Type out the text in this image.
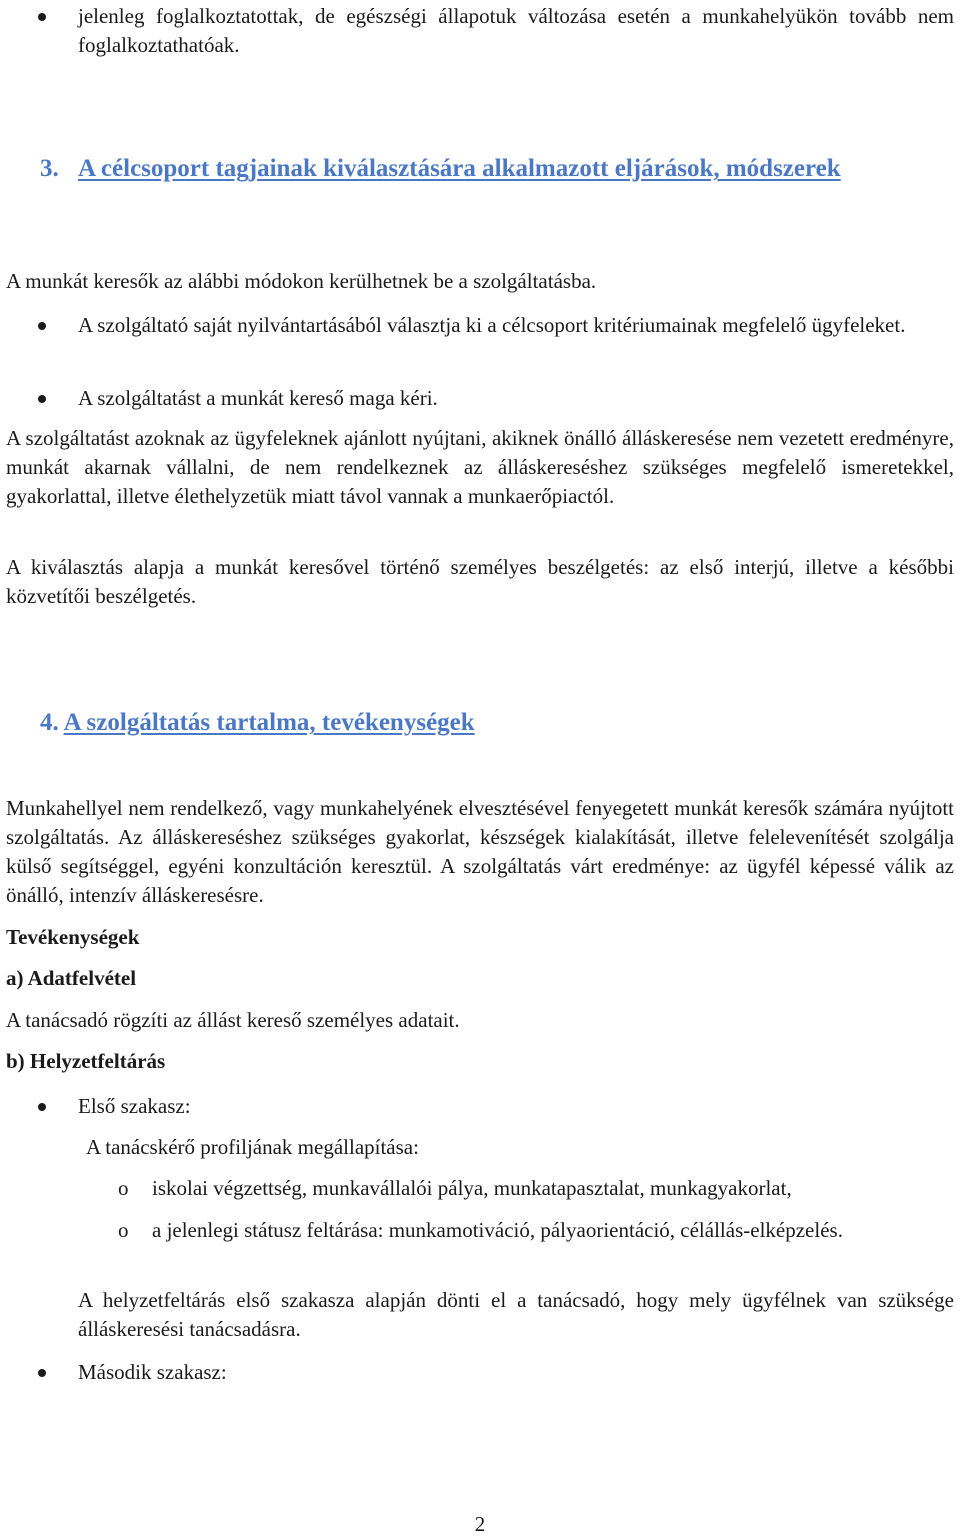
jelenleg foglalkoztatottak, de egészségi állapotuk változása esetén a munkahelyükön tovább nem foglalkoztathatóak.

3. A célcsoport tagjainak kiválasztására alkalmazott eljárások, módszerek

A munkát keresők az alábbi módokon kerülhetnek be a szolgáltatásba.

A szolgáltató saját nyilvántartásából választja ki a célcsoport kritériumainak megfelelő ügyfeleket.

A szolgáltatást a munkát kereső maga kéri.

A szolgáltatást azoknak az ügyfeleknek ajánlott nyújtani, akiknek önálló álláskeresése nem vezetett eredményre, munkát akarnak vállalni, de nem rendelkeznek az álláskereséshez szükséges megfelelő ismeretekkel, gyakorlattal, illetve élethelyzetük miatt távol vannak a munkaerőpiactól.

A kiválasztás alapja a munkát keresővel történő személyes beszélgetés: az első interjú, illetve a későbbi közvetítői beszélgetés.

4. A szolgáltatás tartalma, tevékenységek

Munkahellyel nem rendelkező, vagy munkahelyének elvesztésével fenyegetett munkát keresők számára nyújtott szolgáltatás. Az álláskereséshez szükséges gyakorlat, készségek kialakítását, illetve felelevenítését szolgálja külső segítséggel, egyéni konzultáción keresztül. A szolgáltatás várt eredménye: az ügyfél képessé válik az önálló, intenzív álláskeresésre.

Tevékenységek

a) Adatfelvétel

A tanácsadó rögzíti az állást kereső személyes adatait.

b) Helyzetfeltárás

Első szakasz:

A tanácskérő profiljának megállapítása:

o iskolai végzettség, munkavállalói pálya, munkatapasztalat, munkagyakorlat,

o a jelenlegi státusz feltárása: munkamotiváció, pályaorientáció, célállás-elképzelés.

A helyzetfeltárás első szakasza alapján dönti el a tanácsadó, hogy mely ügyfélnek van szüksége álláskeresési tanácsadásra.

Második szakasz:

2
